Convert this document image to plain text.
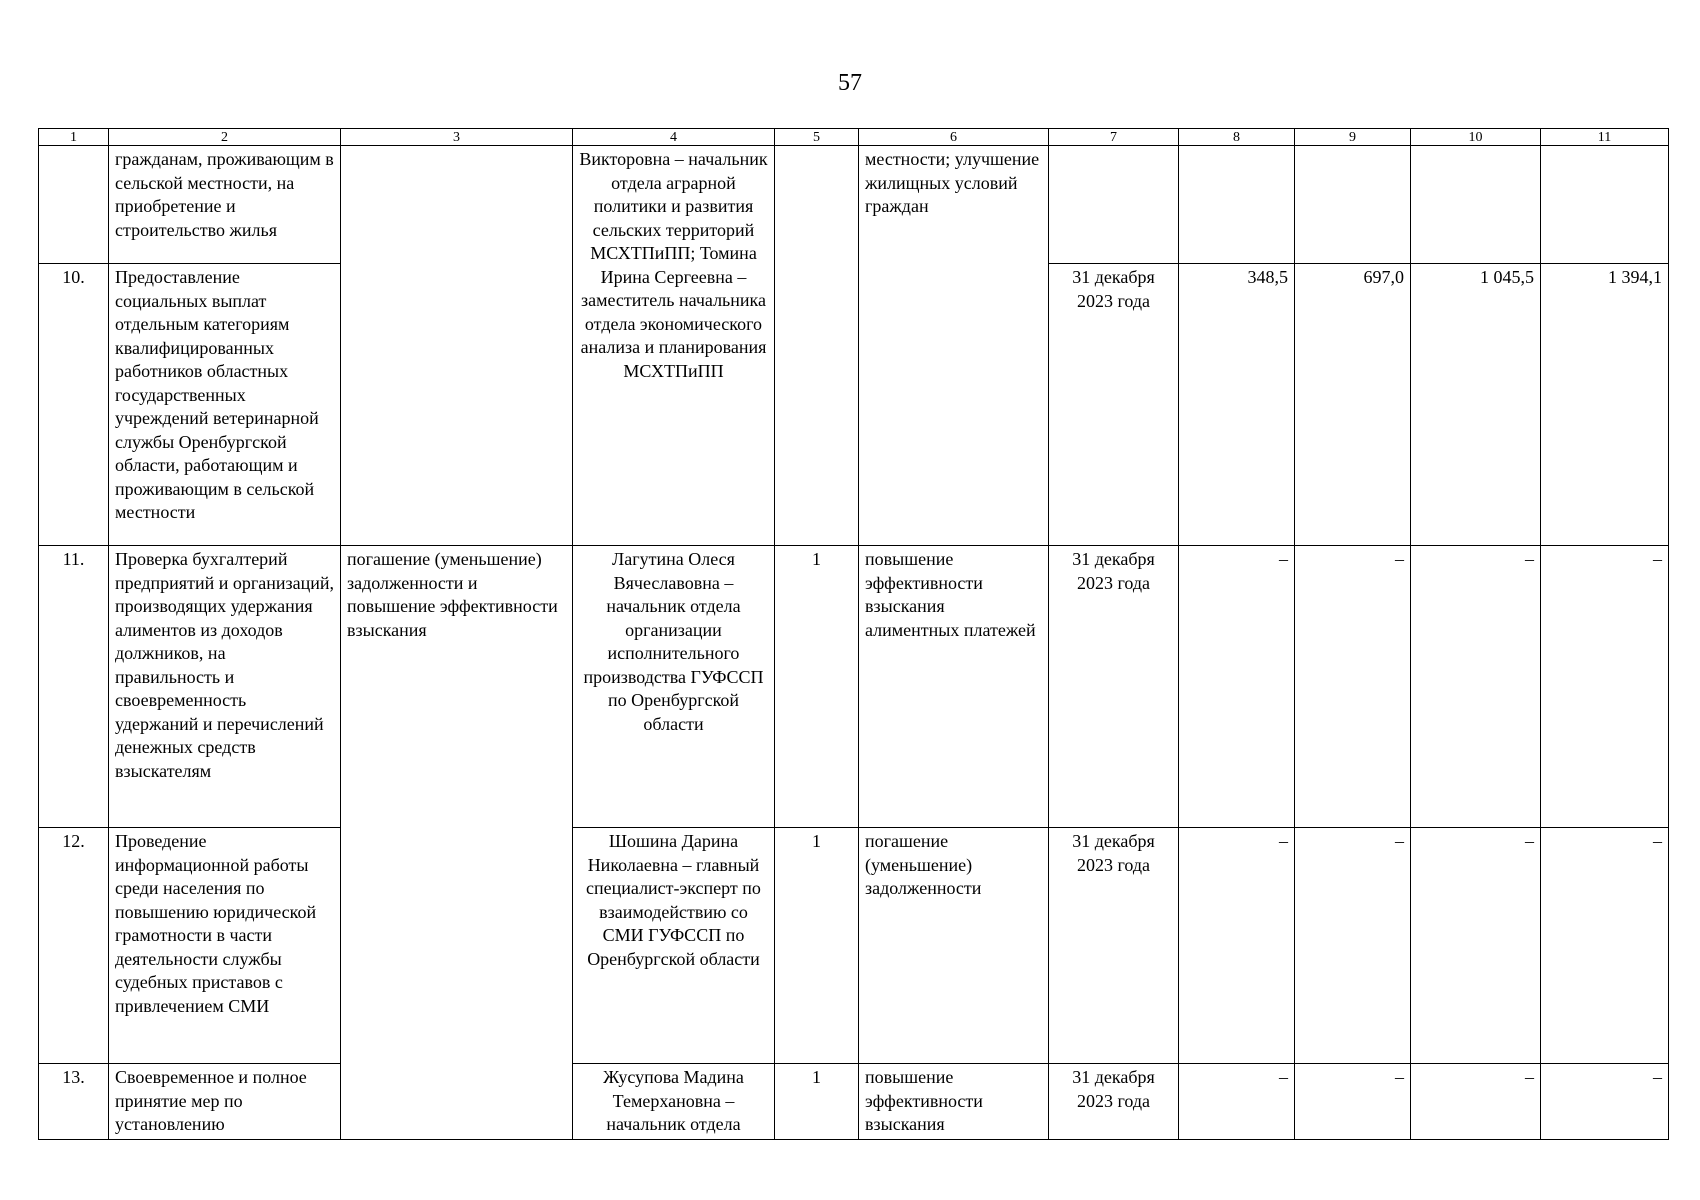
57
1	2	3	4	5	6	7	8	9	10	11
	гражданам, проживающим в сельской местности, на приобретение и строительство жилья		Викторовна – начальник отдела аграрной политики и развития сельских территорий МСХТПиПП; Томина Ирина Сергеевна – заместитель начальника отдела экономического анализа и планирования МСХТПиПП		местности; улучшение жилищных условий граждан					
10.	Предоставление социальных выплат отдельным категориям квалифицированных работников областных государственных учреждений ветеринарной службы Оренбургской области, работающим и проживающим в сельской местности					31 декабря 2023 года	348,5	697,0	1 045,5	1 394,1
11.	Проверка бухгалтерий предприятий и организаций, производящих удержания алиментов из доходов должников, на правильность и своевременность удержаний и перечислений денежных средств взыскателям	погашение (уменьшение) задолженности и повышение эффективности взыскания	Лагутина Олеся Вячеславовна – начальник отдела организации исполнительного производства ГУФССП по Оренбургской области	1	повышение эффективности взыскания алиментных платежей	31 декабря 2023 года	–	–	–	–
12.	Проведение информационной работы среди населения по повышению юридической грамотности в части деятельности службы судебных приставов с привлечением СМИ		Шошина Дарина Николаевна – главный специалист-эксперт по взаимодействию со СМИ ГУФССП по Оренбургской области	1	погашение (уменьшение) задолженности	31 декабря 2023 года	–	–	–	–
13.	Своевременное и полное принятие мер по установлению		Жусупова Мадина Темерхановна – начальник отдела	1	повышение эффективности взыскания	31 декабря 2023 года	–	–	–	–
